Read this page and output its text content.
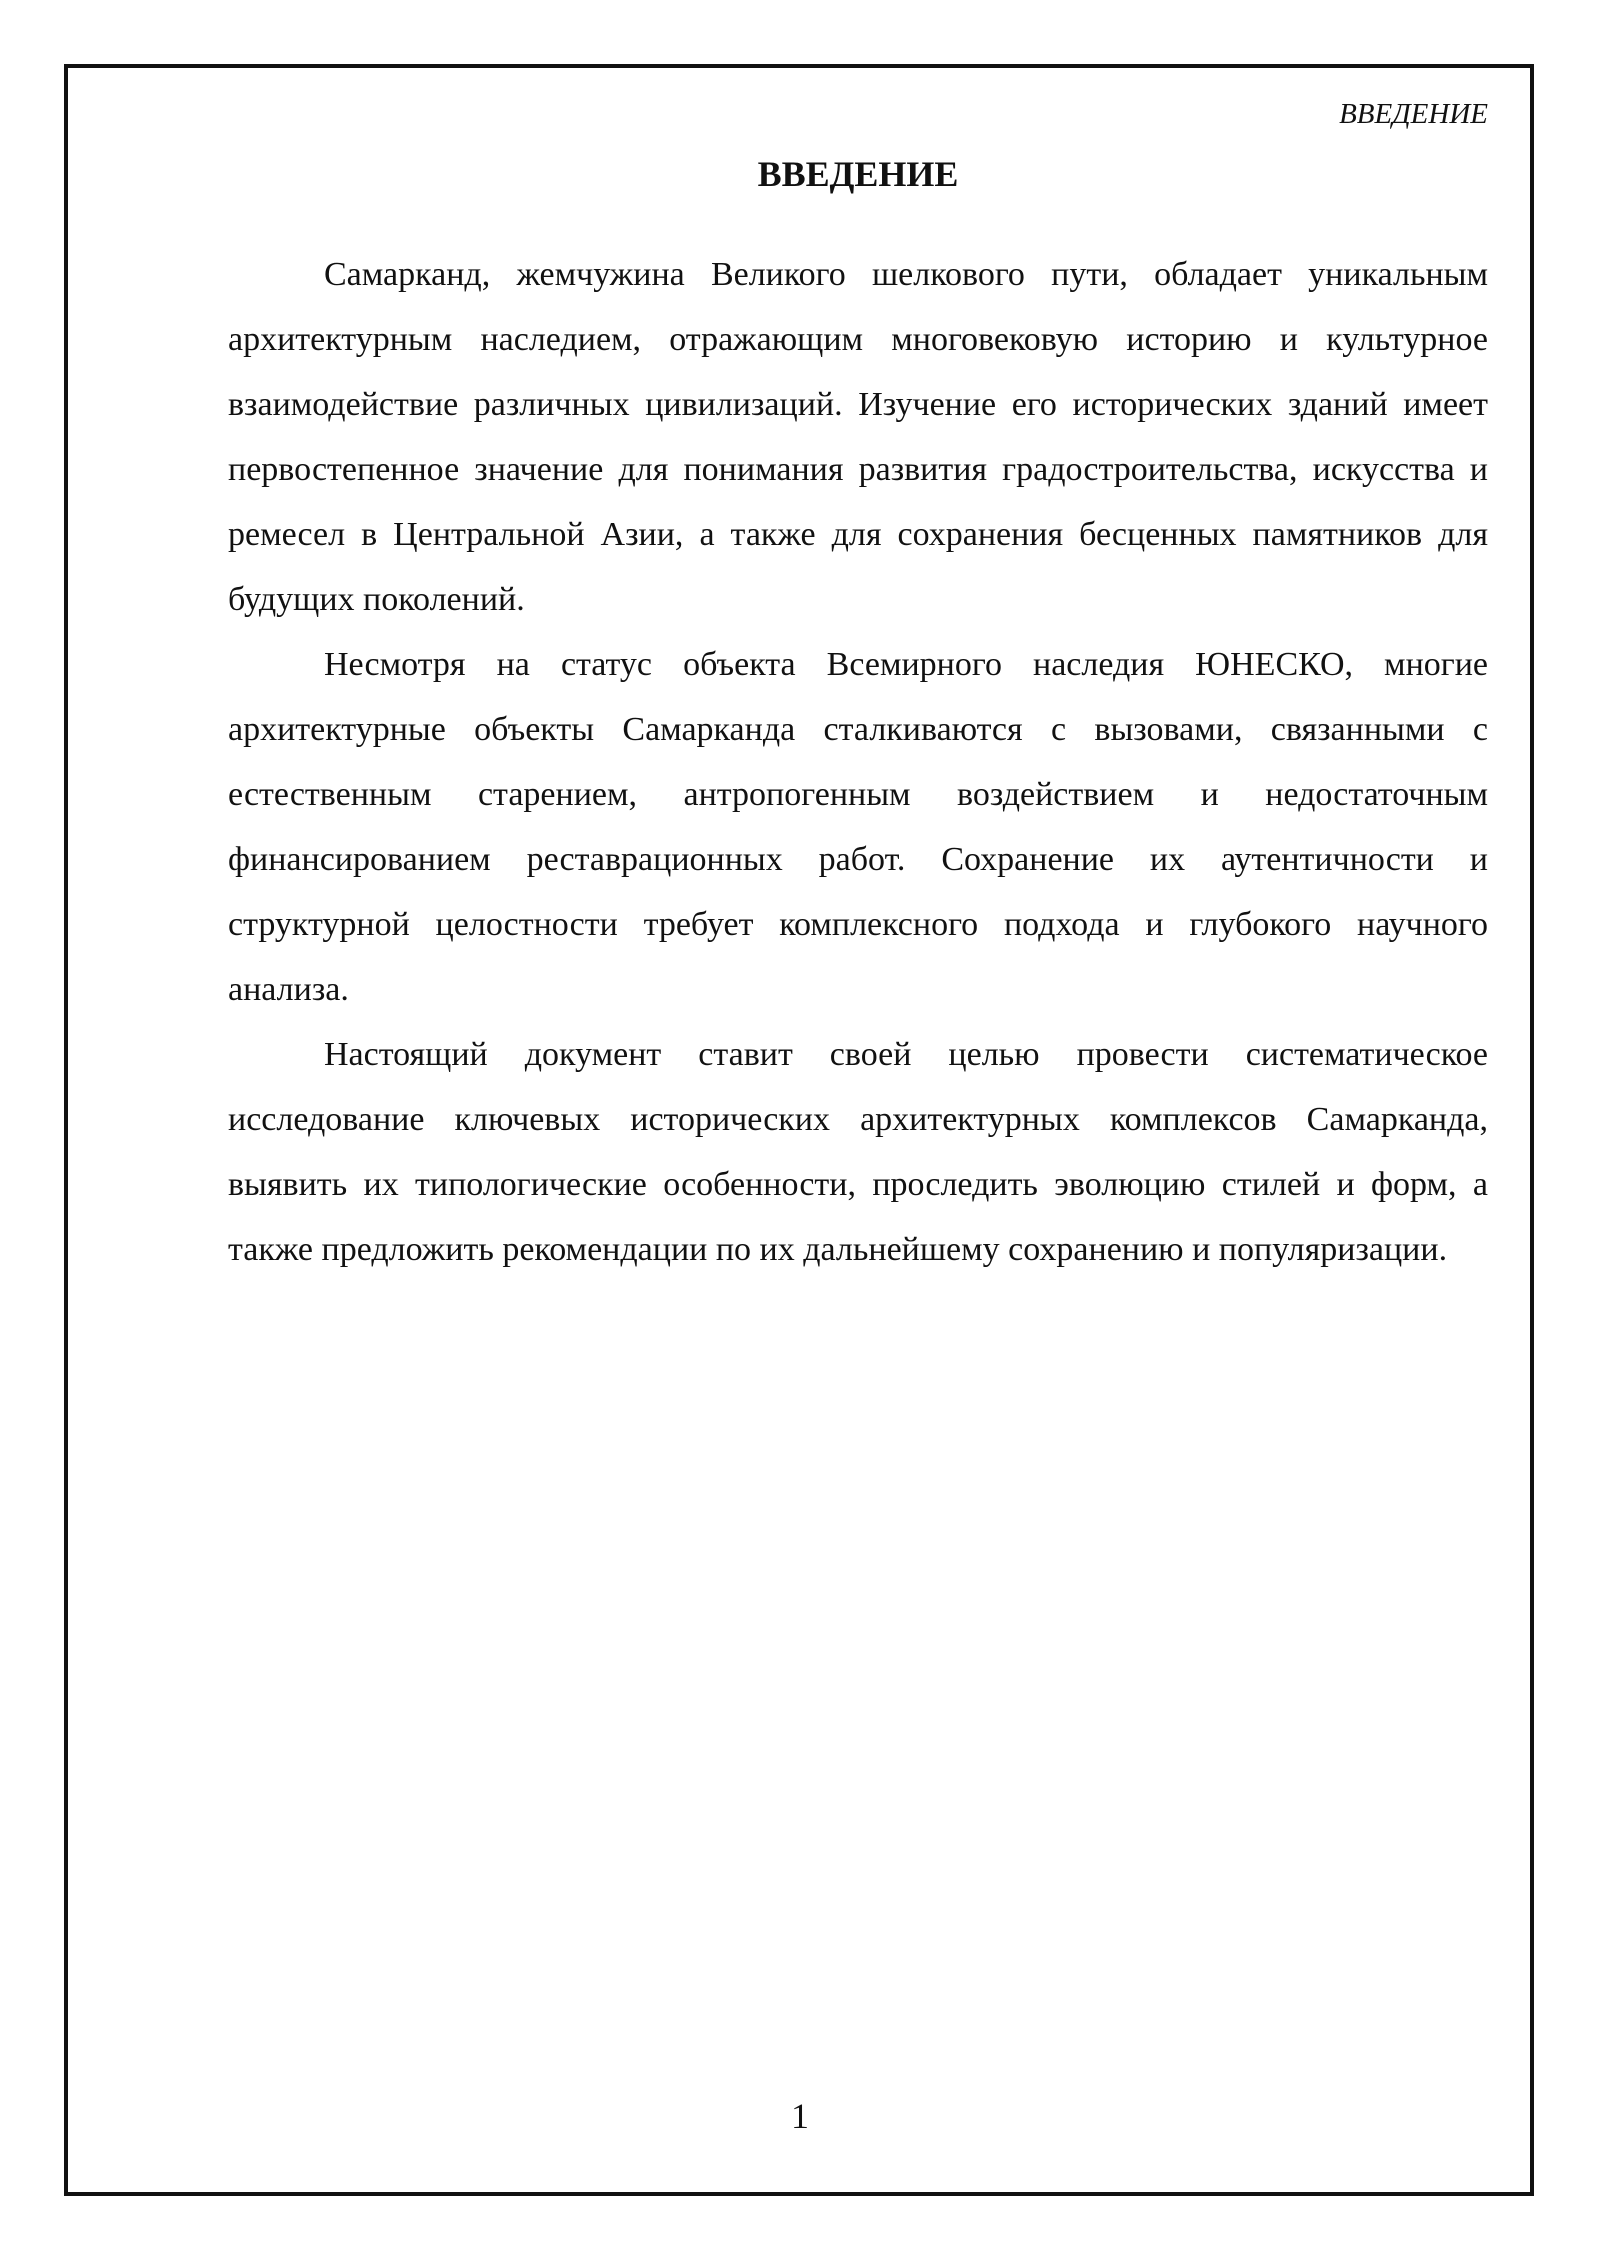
ВВЕДЕНИЕ
ВВЕДЕНИЕ

Самарканд, жемчужина Великого шелкового пути, обладает уникальным архитектурным наследием, отражающим многовековую историю и культурное взаимодействие различных цивилизаций. Изучение его исторических зданий имеет первостепенное значение для понимания развития градостроительства, искусства и ремесел в Центральной Азии, а также для сохранения бесценных памятников для будущих поколений.

Несмотря на статус объекта Всемирного наследия ЮНЕСКО, многие архитектурные объекты Самарканда сталкиваются с вызовами, связанными с естественным старением, антропогенным воздействием и недостаточным финансированием реставрационных работ. Сохранение их аутентичности и структурной целостности требует комплексного подхода и глубокого научного анализа.

Настоящий документ ставит своей целью провести систематическое исследование ключевых исторических архитектурных комплексов Самарканда, выявить их типологические особенности, проследить эволюцию стилей и форм, а также предложить рекомендации по их дальнейшему сохранению и популяризации.

1
